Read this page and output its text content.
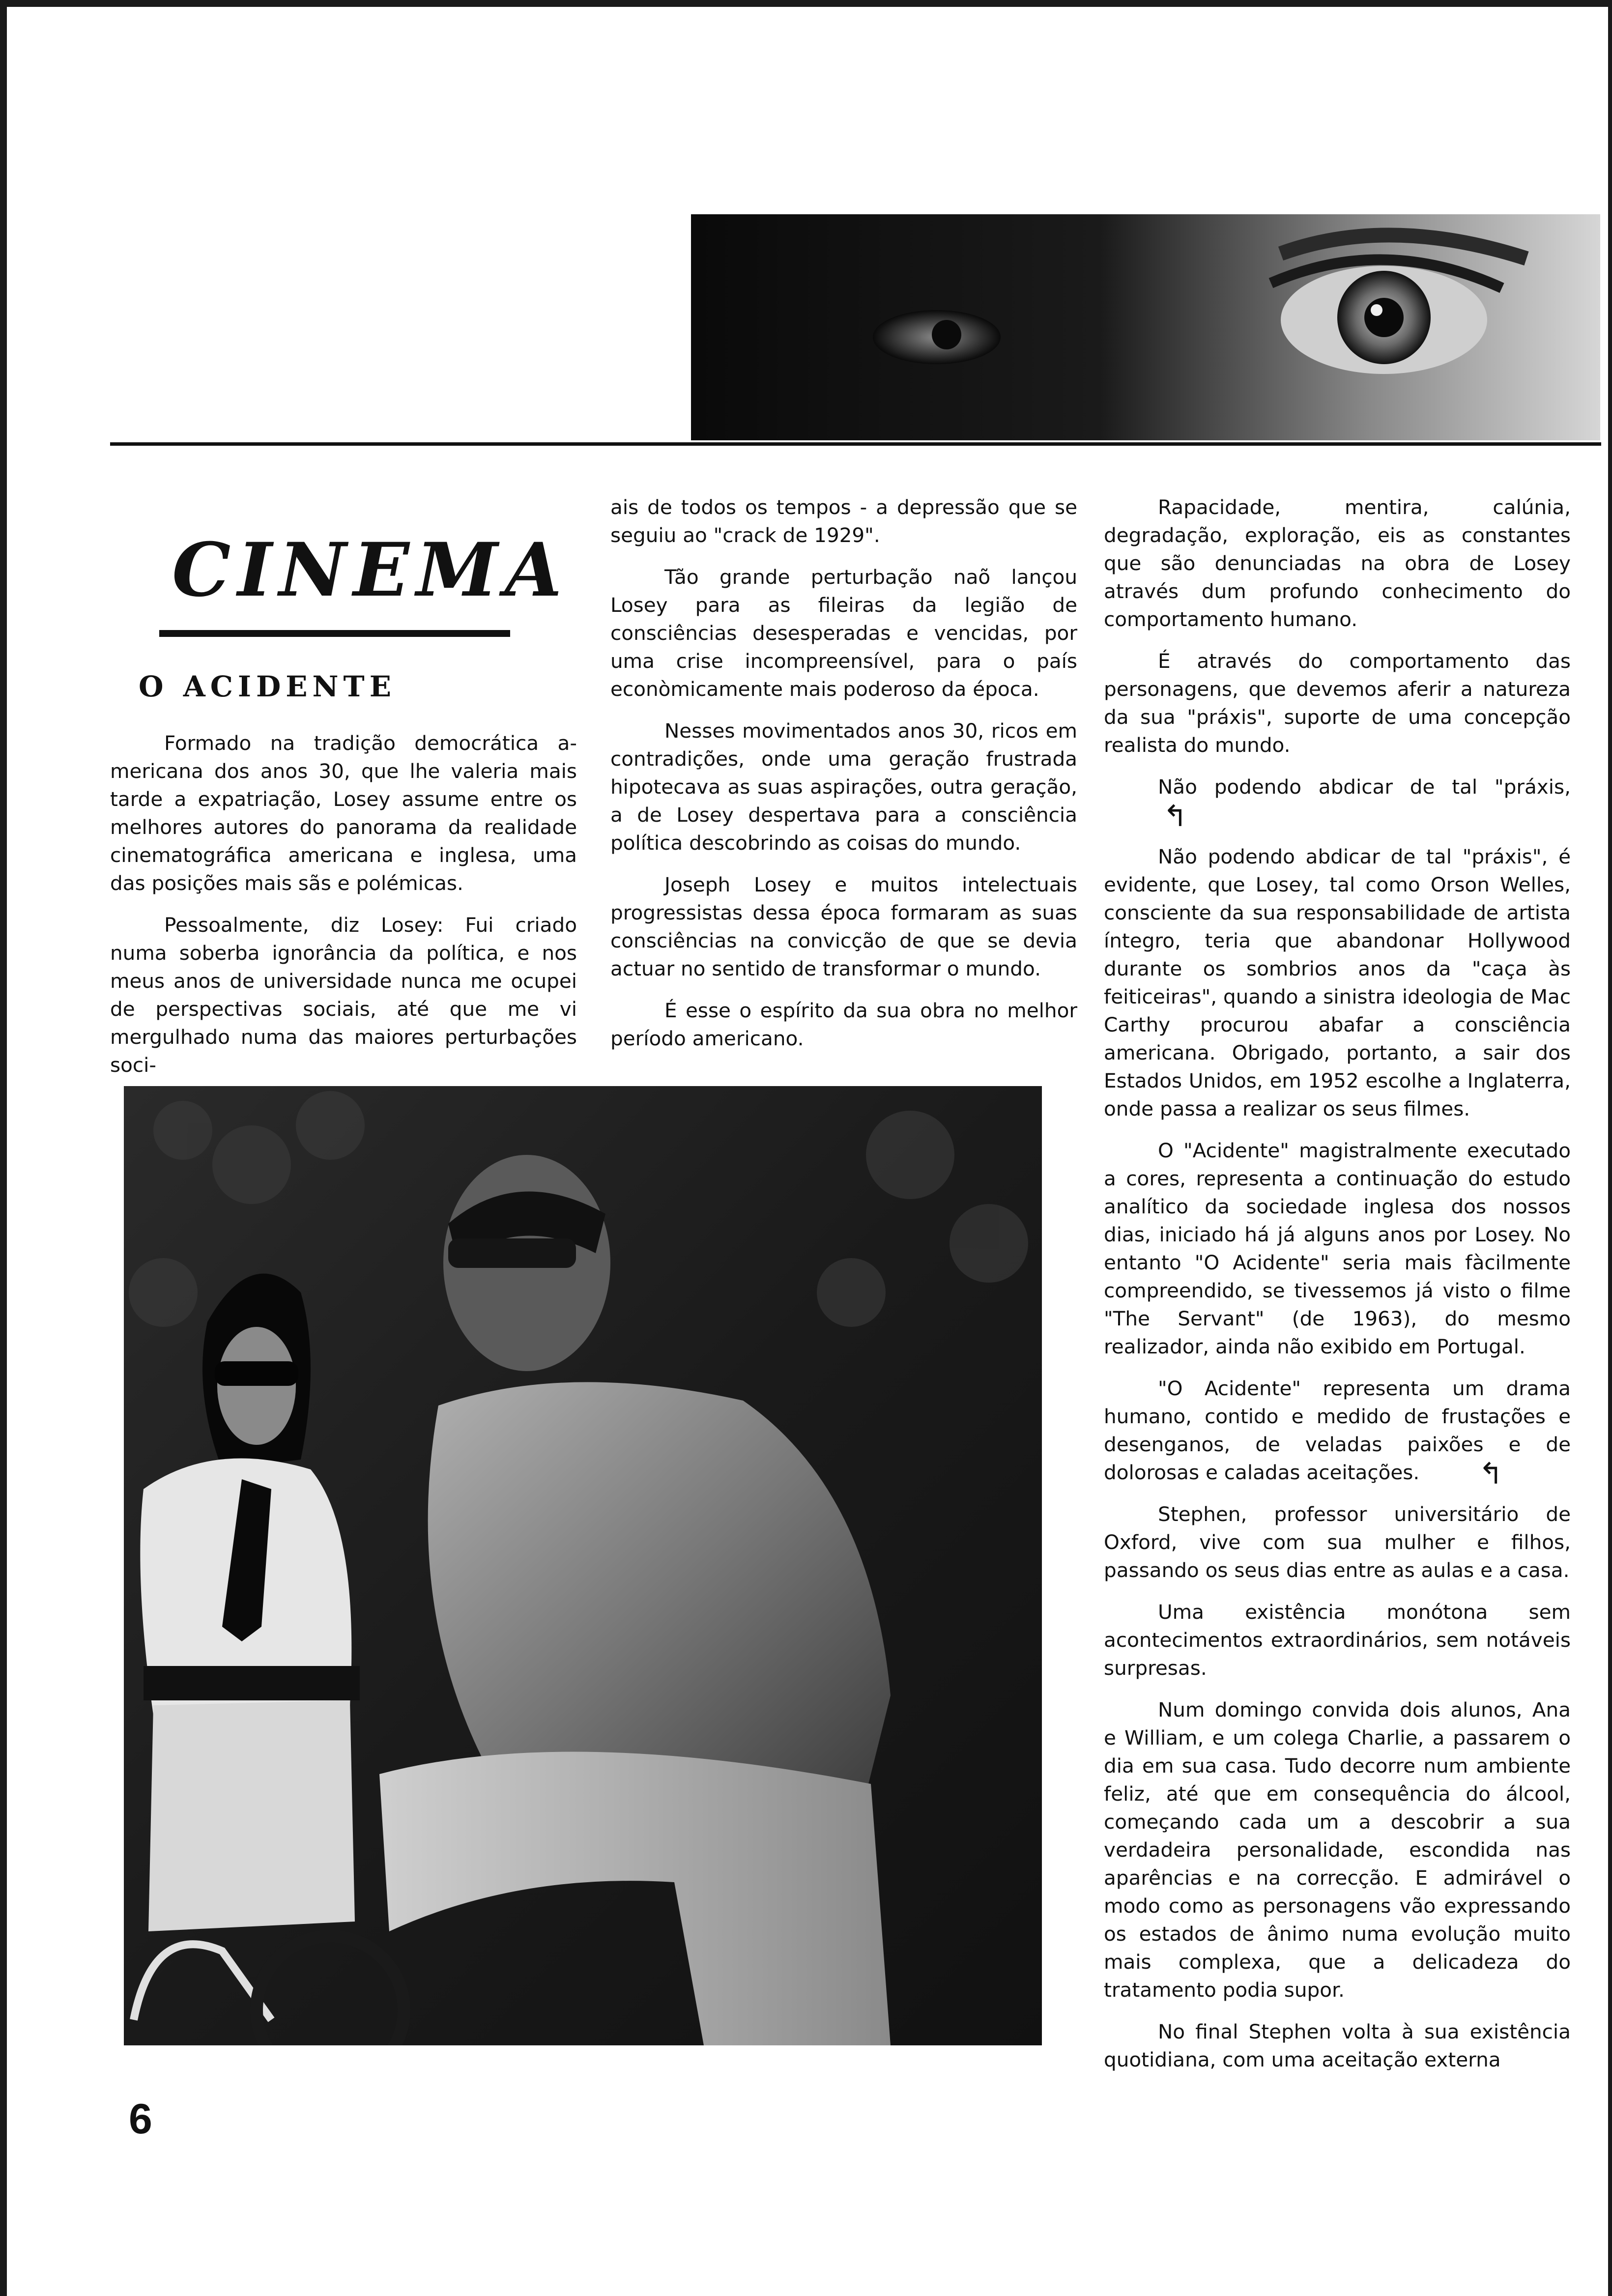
CINEMA
O ACIDENTE

Formado na tradição democrática a-mericana dos anos 30, que lhe valeria mais tarde a expatriação, Losey assume entre os melhores autores do panorama da realidade cinematográfica americana e inglesa, uma das posições mais sãs e polémicas.

Pessoalmente, diz Losey: Fui criado numa soberba ignorância da política, e nos meus anos de universidade nunca me ocupei de perspectivas sociais, até que me vi mergulhado numa das maiores perturbações soci-

ais de todos os tempos - a depressão que se seguiu ao "crack de 1929".

Tão grande perturbação naõ lançou Losey para as fileiras da legião de consciências desesperadas e vencidas, por uma crise incompreensível, para o país econòmicamente mais poderoso da época.

Nesses movimentados anos 30, ricos em contradições, onde uma geração frustrada hipotecava as suas aspirações, outra geração, a de Losey despertava para a consciência política descobrindo as coisas do mundo.

Joseph Losey e muitos intelectuais progressistas dessa época formaram as suas consciências na convicção de que se devia actuar no sentido de transformar o mundo.

É esse o espírito da sua obra no melhor período americano.

Rapacidade, mentira, calúnia, degradação, exploração, eis as constantes que são denunciadas na obra de Losey através dum profundo conhecimento do comportamento humano.

É através do comportamento das personagens, que devemos aferir a natureza da sua "práxis", suporte de uma concepção realista do mundo.

Não podendo abdicar de tal "práxis,↰

Não podendo abdicar de tal "práxis", é evidente, que Losey, tal como Orson Welles, consciente da sua responsabilidade de artista íntegro, teria que abandonar Hollywood durante os sombrios anos da "caça às feiticeiras", quando a sinistra ideologia de Mac Carthy procurou abafar a consciência americana. Obrigado, portanto, a sair dos Estados Unidos, em 1952 escolhe a Inglaterra, onde passa a realizar os seus filmes.

O "Acidente" magistralmente executado a cores, representa a continuação do estudo analítico da sociedade inglesa dos nossos dias, iniciado há já alguns anos por Losey. No entanto "O Acidente" seria mais fàcilmente compreendido, se tivessemos já visto o filme "The Servant" (de 1963), do mesmo realizador, ainda não exibido em Portugal.

"O Acidente" representa um drama humano, contido e medido de frustações e desenganos, de veladas paixões e de dolorosas e caladas aceitações. ↰

Stephen, professor universitário de Oxford, vive com sua mulher e filhos, passando os seus dias entre as aulas e a casa.

Uma existência monótona sem acontecimentos extraordinários, sem notáveis surpresas.

Num domingo convida dois alunos, Ana e William, e um colega Charlie, a passarem o dia em sua casa. Tudo decorre num ambiente feliz, até que em consequência do álcool, começando cada um a descobrir a sua verdadeira personalidade, escondida nas aparências e na correcção. E admirável o modo como as personagens vão expressando os estados de ânimo numa evolução muito mais complexa, que a delicadeza do tratamento podia supor.

No final Stephen volta à sua existência quotidiana, com uma aceitação externa

6
